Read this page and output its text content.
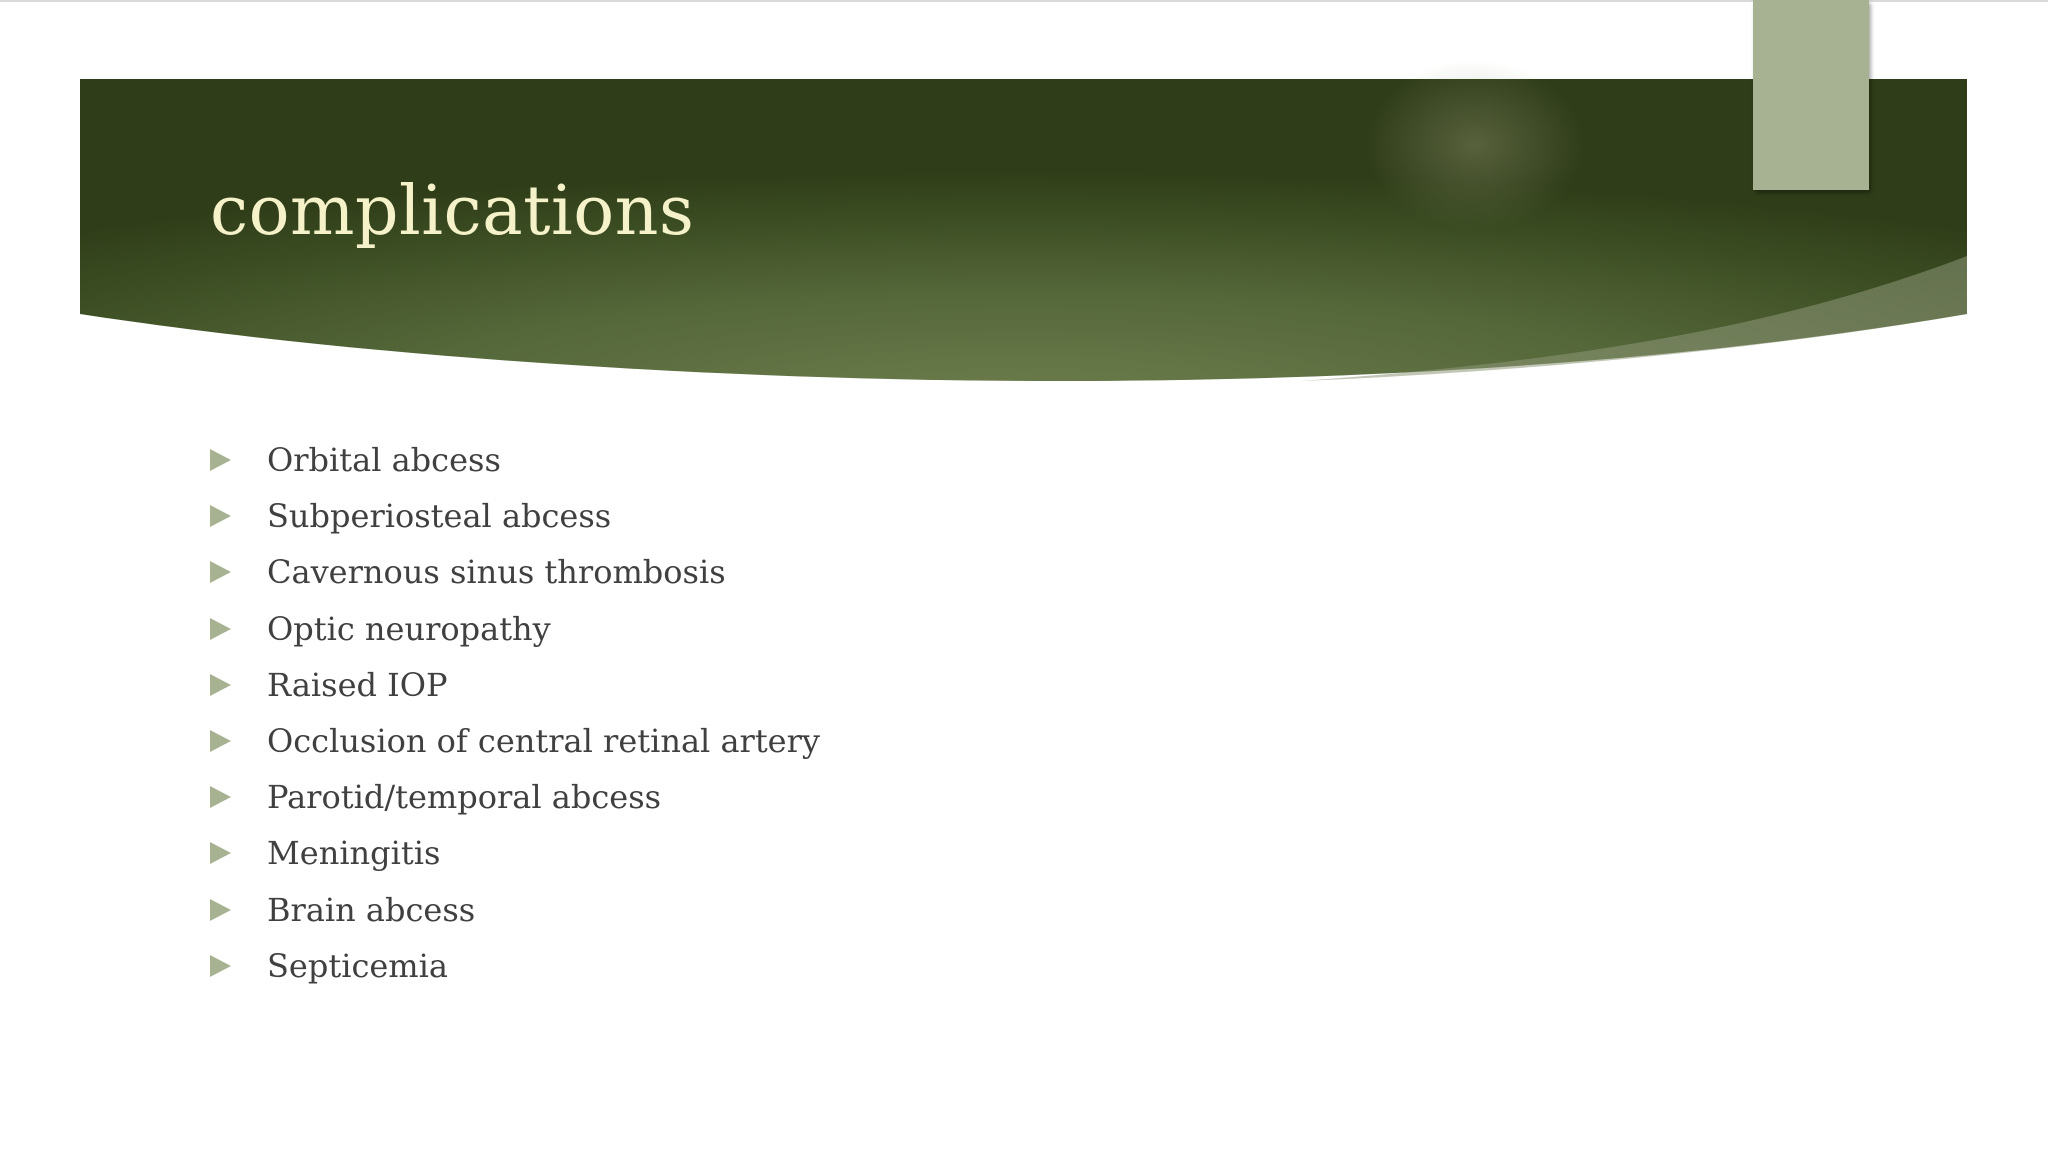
complications
Orbital abcess
Subperiosteal abcess
Cavernous sinus thrombosis
Optic neuropathy
Raised IOP
Occlusion of central retinal artery
Parotid/temporal abcess
Meningitis
Brain abcess
Septicemia
